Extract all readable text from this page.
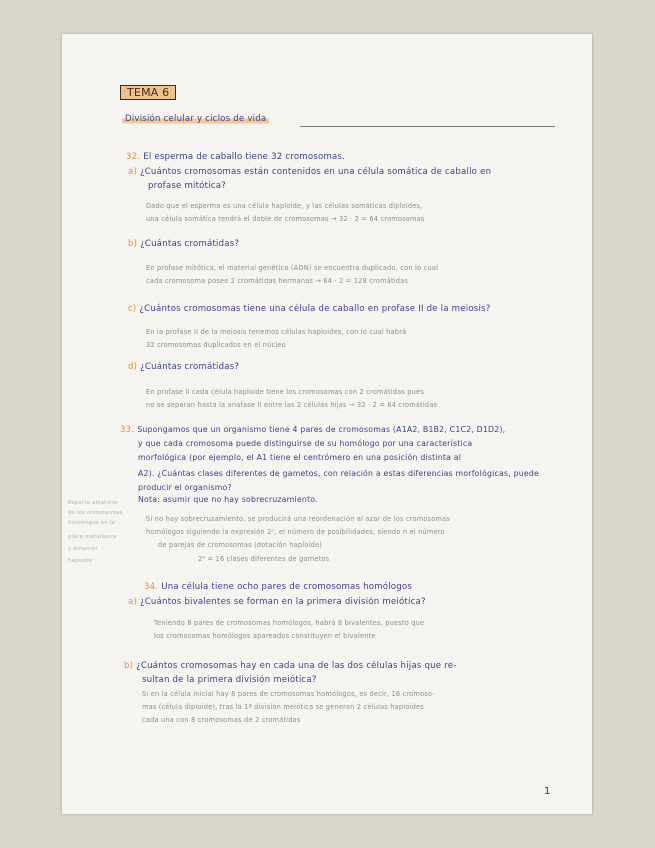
TEMA 6
División celular y ciclos de vida
32. El esperma de caballo tiene 32 cromosomas.
a) ¿Cuántos cromosomas están contenidos en una célula somática de caballo en
profase mitótica?
Dado que el esperma es una célula haploide, y las células somáticas diploides,
una célula somática tendrá el doble de cromosomas → 32 · 2 = 64 cromosomas
b) ¿Cuántas cromátidas?
En profase mitótica, el material genético (ADN) se encuentra duplicado, con lo cual
cada cromosoma posee 2 cromátidas hermanas → 64 · 2 = 128 cromátidas
c) ¿Cuántos cromosomas tiene una célula de caballo en profase II de la meiosis?
En la profase II de la meiosis tenemos células haploides, con lo cual habrá
32 cromosomas duplicados en el núcleo
d) ¿Cuántas cromátidas?
En profase II cada célula haploide tiene los cromosomas con 2 cromátidas pues
no se separan hasta la anafase II entre las 2 células hijas → 32 · 2 = 64 cromátidas
33. Supongamos que un organismo tiene 4 pares de cromosomas (A1A2, B1B2, C1C2, D1D2),
y que cada cromosoma puede distinguirse de su homólogo por una característica
morfológica (por ejemplo, el A1 tiene el centrómero en una posición distinta al
A2). ¿Cuántas clases diferentes de gametos, con relación a estas diferencias morfológicas, puede producir el organismo?
Nota: asumir que no hay sobrecruzamiento.
Reparto aleatorio
de los cromosomas
homólogos en la
placa metafásica
y dotación
haploide
Si no hay sobrecruzamiento, se producirá una reordenación al azar de los cromosomas
homólogos siguiendo la expresión 2ⁿ, el número de posibilidades, siendo n el número
de parejas de cromosomas (dotación haploide)
2⁴ = 16 clases diferentes de gametos
34. Una célula tiene ocho pares de cromosomas homólogos
a) ¿Cuántos bivalentes se forman en la primera división meiótica?
Teniendo 8 pares de cromosomas homólogos, habrá 8 bivalentes, puesto que
los cromosomas homólogos apareados constituyen el bivalente
b) ¿Cuántos cromosomas hay en cada una de las dos células hijas que re-
sultan de la primera división meiótica?
Si en la célula inicial hay 8 pares de cromosomas homólogos, es decir, 16 cromoso-
mas (célula diploide), tras la 1ª división meiótica se generan 2 células haploides
cada una con 8 cromosomas de 2 cromátidas
1
